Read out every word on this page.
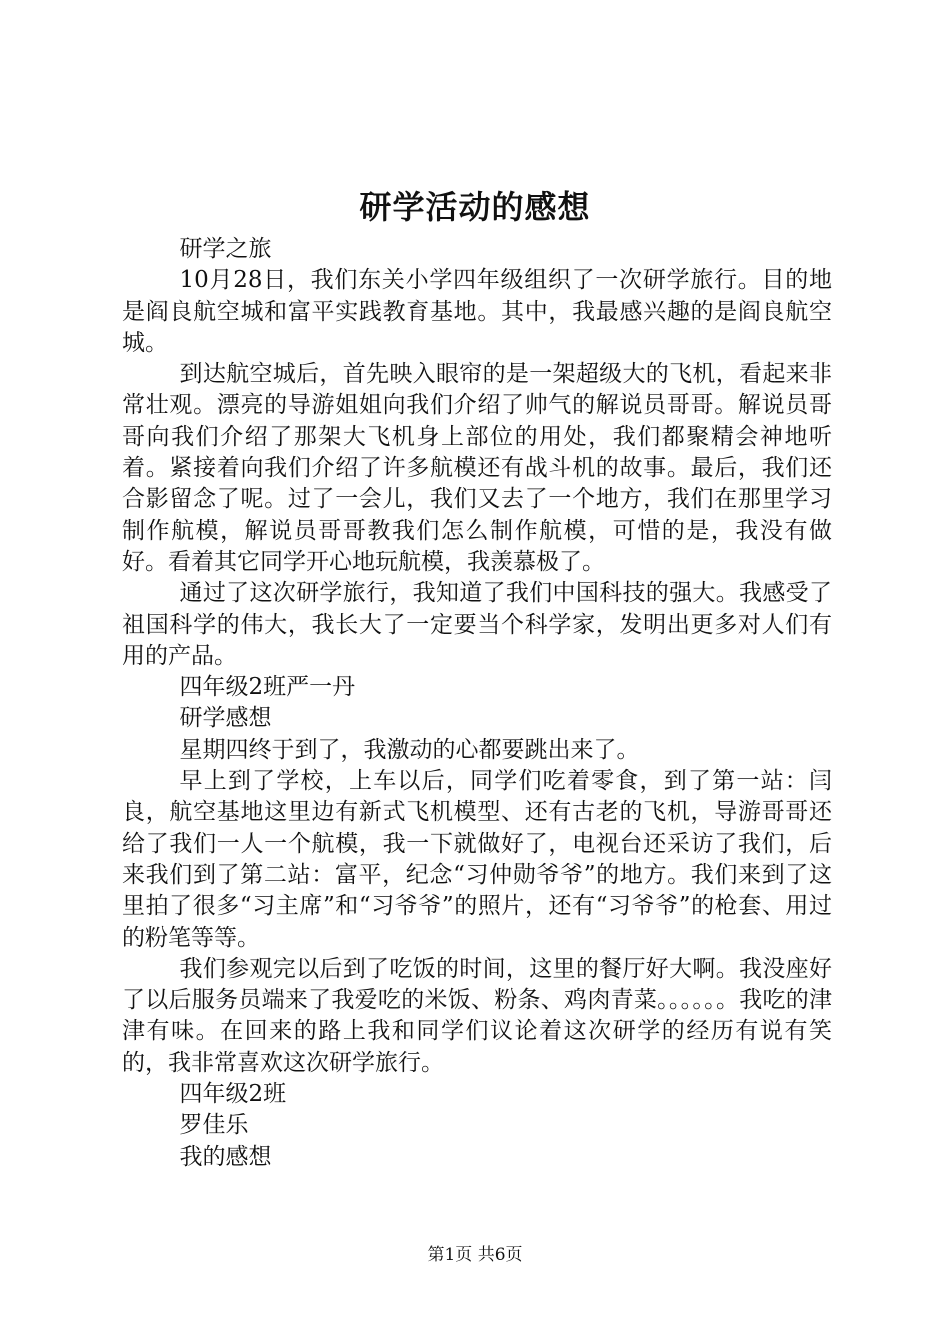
研学活动的感想

研学之旅

10月28日，我们东关小学四年级组织了一次研学旅行。目的地是阎良航空城和富平实践教育基地。其中，我最感兴趣的是阎良航空城。

到达航空城后，首先映入眼帘的是一架超级大的飞机，看起来非常壮观。漂亮的导游姐姐向我们介绍了帅气的解说员哥哥。解说员哥哥向我们介绍了那架大飞机身上部位的用处，我们都聚精会神地听着。紧接着向我们介绍了许多航模还有战斗机的故事。最后，我们还合影留念了呢。过了一会儿，我们又去了一个地方，我们在那里学习制作航模，解说员哥哥教我们怎么制作航模，可惜的是，我没有做好。看着其它同学开心地玩航模，我羡慕极了。

通过了这次研学旅行，我知道了我们中国科技的强大。我感受了祖国科学的伟大，我长大了一定要当个科学家，发明出更多对人们有用的产品。

四年级2班严一丹

研学感想

星期四终于到了，我激动的心都要跳出来了。

早上到了学校，上车以后，同学们吃着零食，到了第一站：闫良，航空基地这里边有新式飞机模型、还有古老的飞机，导游哥哥还给了我们一人一个航模，我一下就做好了，电视台还采访了我们，后来我们到了第二站：富平，纪念“习仲勋爷爷”的地方。我们来到了这里拍了很多“习主席”和“习爷爷”的照片，还有“习爷爷”的枪套、用过的粉笔等等。

我们参观完以后到了吃饭的时间，这里的餐厅好大啊。我没座好了以后服务员端来了我爱吃的米饭、粉条、鸡肉青菜。。。。。。我吃的津津有味。在回来的路上我和同学们议论着这次研学的经历有说有笑的，我非常喜欢这次研学旅行。

四年级2班

罗佳乐

我的感想

第1页 共6页
